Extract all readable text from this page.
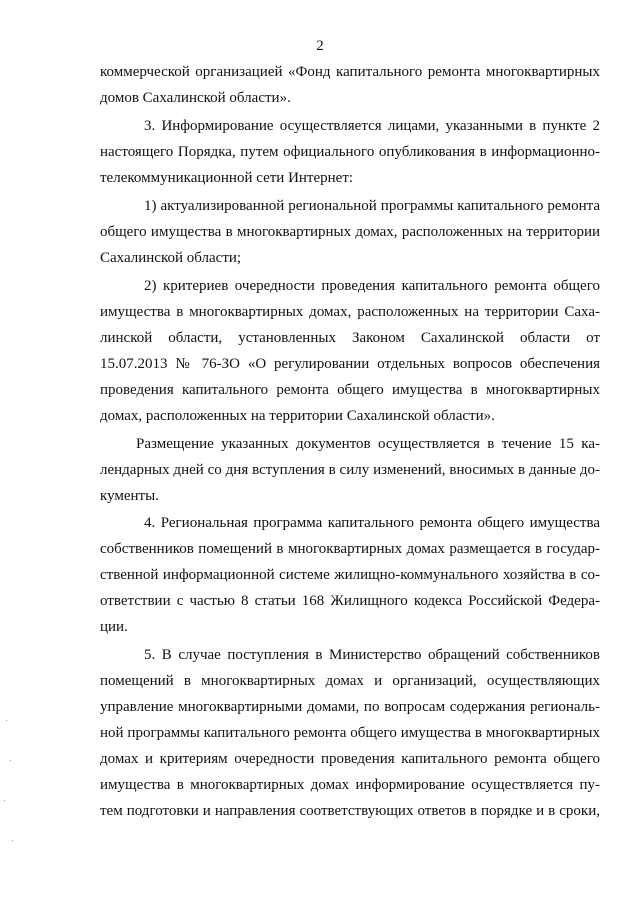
2
коммерческой организацией «Фонд капитального ремонта многоквартирных
домов Сахалинской области».
3. Информирование осуществляется лицами, указанными в пункте 2
настоящего Порядка, путем официального опубликования в информационно-
телекоммуникационной сети Интернет:
1) актуализированной региональной программы капитального ремонта
общего имущества в многоквартирных домах, расположенных на территории
Сахалинской области;
2) критериев очередности проведения капитального ремонта общего
имущества в многоквартирных домах, расположенных на территории Саха-
линской области, установленных Законом Сахалинской области от
15.07.2013 № 76-ЗО «О регулировании отдельных вопросов обеспечения
проведения капитального ремонта общего имущества в многоквартирных
домах, расположенных на территории Сахалинской области».
Размещение указанных документов осуществляется в течение 15 ка-
лендарных дней со дня вступления в силу изменений, вносимых в данные до-
кументы.
4. Региональная программа капитального ремонта общего имущества
собственников помещений в многоквартирных домах размещается в государ-
ственной информационной системе жилищно-коммунального хозяйства в со-
ответствии с частью 8 статьи 168 Жилищного кодекса Российской Федера-
ции.
5. В случае поступления в Министерство обращений собственников
помещений в многоквартирных домах и организаций, осуществляющих
управление многоквартирными домами, по вопросам содержания региональ-
ной программы капитального ремонта общего имущества в многоквартирных
домах и критериям очередности проведения капитального ремонта общего
имущества в многоквартирных домах информирование осуществляется пу-
тем подготовки и направления соответствующих ответов в порядке и в сроки,
